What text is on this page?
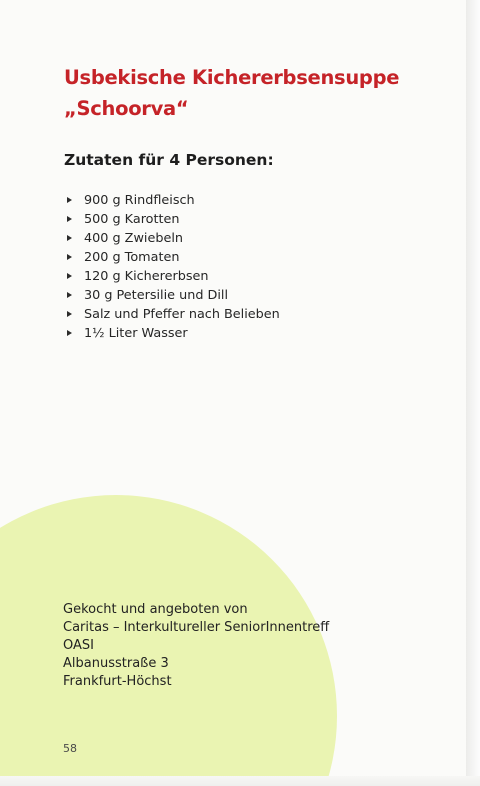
Usbekische Kichererbsensuppe
„Schoorva“
Zutaten für 4 Personen:
900 g Rindfleisch
500 g Karotten
400 g Zwiebeln
200 g Tomaten
120 g Kichererbsen
30 g Petersilie und Dill
Salz und Pfeffer nach Belieben
1½ Liter Wasser
Gekocht und angeboten von
Caritas – Interkultureller SeniorInnentreff
OASI
Albanusstraße 3
Frankfurt-Höchst
58
